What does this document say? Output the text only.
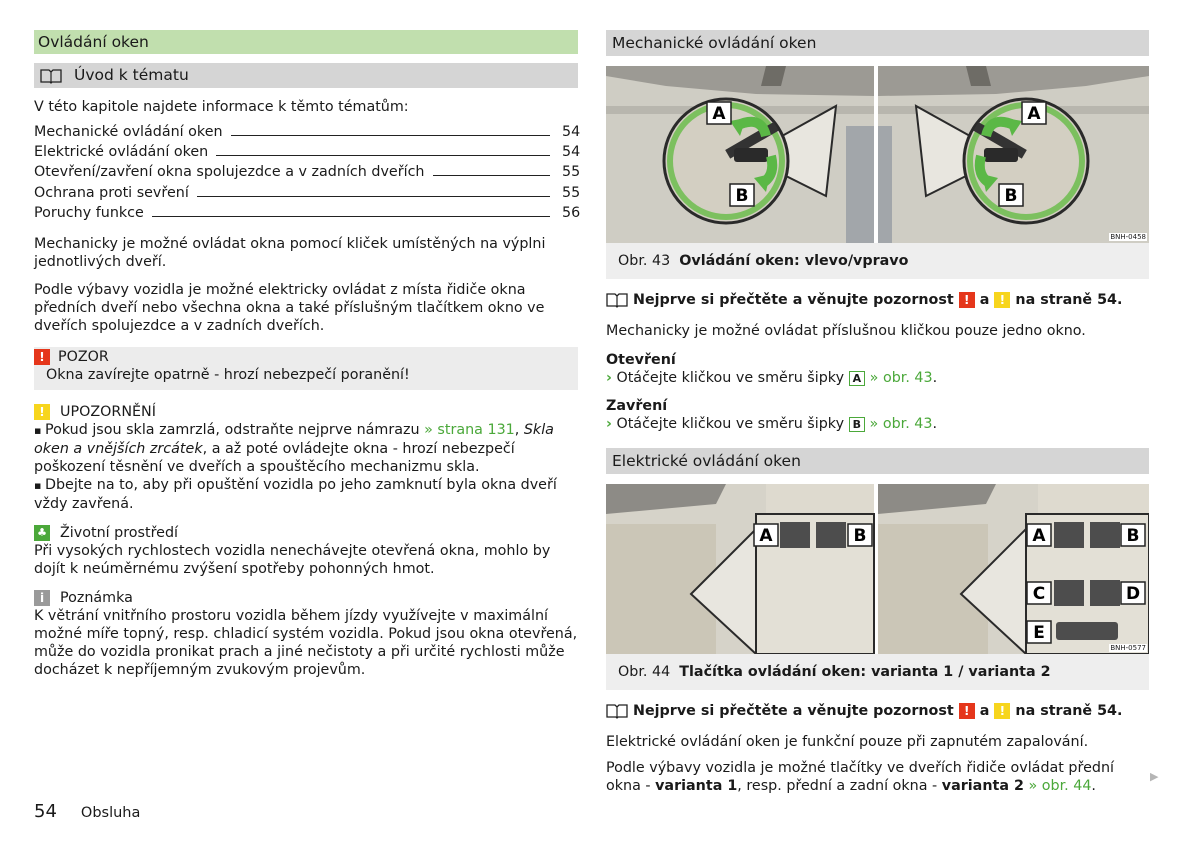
Ovládání oken
Úvod k tématu
V této kapitole najdete informace k těmto tématům:
Mechanické ovládání oken	54
Elektrické ovládání oken	54
Otevření/zavření okna spolujezdce a v zadních dveřích	55
Ochrana proti sevření	55
Poruchy funkce	56
Mechanicky je možné ovládat okna pomocí kliček umístěných na výplni jednotlivých dveří.
Podle výbavy vozidla je možné elektricky ovládat z místa řidiče okna předních dveří nebo všechna okna a také příslušným tlačítkem okno ve dveřích spolujezdce a v zadních dveřích.
! POZOR
Okna zavírejte opatrně - hrozí nebezpečí poranění!
!	UPOZORNĚNÍ
▪ Pokud jsou skla zamrzlá, odstraňte nejprve námrazu » strana 131, Skla oken a vnějších zrcátek, a až poté ovládejte okna - hrozí nebezpečí poškození těsnění ve dveřích a spouštěcího mechanizmu skla.
▪ Dbejte na to, aby při opuštění vozidla po jeho zamknutí byla okna dveří vždy zavřená.
♣ Životní prostředí
Při vysokých rychlostech vozidla nenechávejte otevřená okna, mohlo by dojít k neúměrnému zvýšení spotřeby pohonných hmot.
i	Poznámka
K větrání vnitřního prostoru vozidla během jízdy využívejte v maximální možné míře topný, resp. chladicí systém vozidla. Pokud jsou okna otevřená, může do vozidla pronikat prach a jiné nečistoty a při určité rychlosti může docházet k nepříjemným zvukovým projevům.
Mechanické ovládání oken
A
B
A
B
BNH-0458
Obr. 43 Ovládání oken: vlevo/vpravo
Nejprve si přečtěte a věnujte pozornost ! a ! na straně 54.
Mechanicky je možné ovládat příslušnou kličkou pouze jedno okno.
Otevření
› Otáčejte kličkou ve směru šipky A » obr. 43.
Zavření
› Otáčejte kličkou ve směru šipky B » obr. 43.
Elektrické ovládání oken
A	B	A	B
C	D
E
BNH-0577
Obr. 44 Tlačítka ovládání oken: varianta 1 / varianta 2
Nejprve si přečtěte a věnujte pozornost ! a ! na straně 54.
Elektrické ovládání oken je funkční pouze při zapnutém zapalování.
Podle výbavy vozidla je možné tlačítky ve dveřích řidiče ovládat přední okna - varianta 1, resp. přední a zadní okna - varianta 2 » obr. 44.
▶
54 Obsluha
